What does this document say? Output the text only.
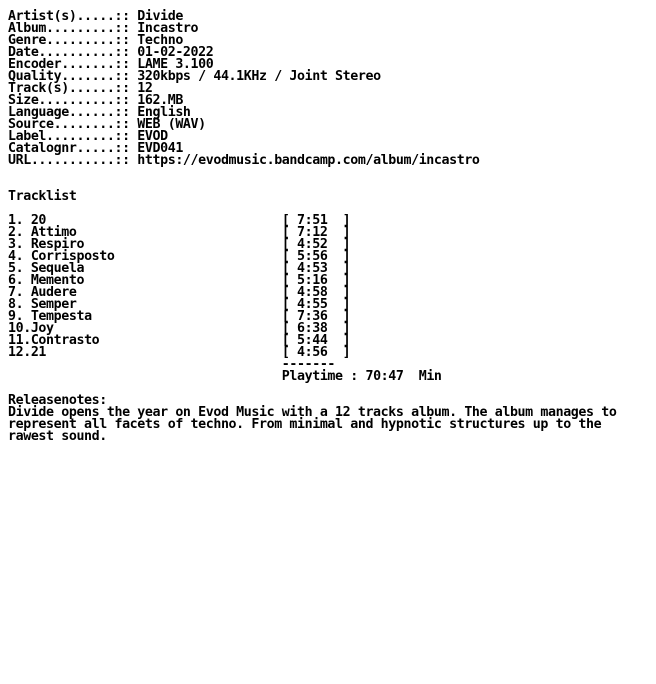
Artist(s).....:: Divide
Album.........:: Incastro
Genre.........:: Techno
Date..........:: 01-02-2022
Encoder.......:: LAME 3.100
Quality.......:: 320kbps / 44.1KHz / Joint Stereo
Track(s)......:: 12
Size..........:: 162.MB
Language......:: English
Source........:: WEB (WAV)
Label.........:: EVOD
Catalognr.....:: EVD041
URL...........:: https://evodmusic.bandcamp.com/album/incastro
Tracklist
1. 20                               [ 7:51  ]
2. Attimo                           [ 7:12  ]
3. Respiro                          [ 4:52  ]
4. Corrisposto                      [ 5:56  ]
5. Sequela                          [ 4:53  ]
6. Memento                          [ 5:16  ]
7. Audere                           [ 4:58  ]
8. Semper                           [ 4:55  ]
9. Tempesta                         [ 7:36  ]
10.Joy                              [ 6:38  ]
11.Contrasto                        [ 5:44  ]
12.21                               [ 4:56  ]
-------
Playtime : 70:47 Min
Releasenotes:
Divide opens the year on Evod Music with a 12 tracks album. The album manages to
represent all facets of techno. From minimal and hypnotic structures up to the
rawest sound.
